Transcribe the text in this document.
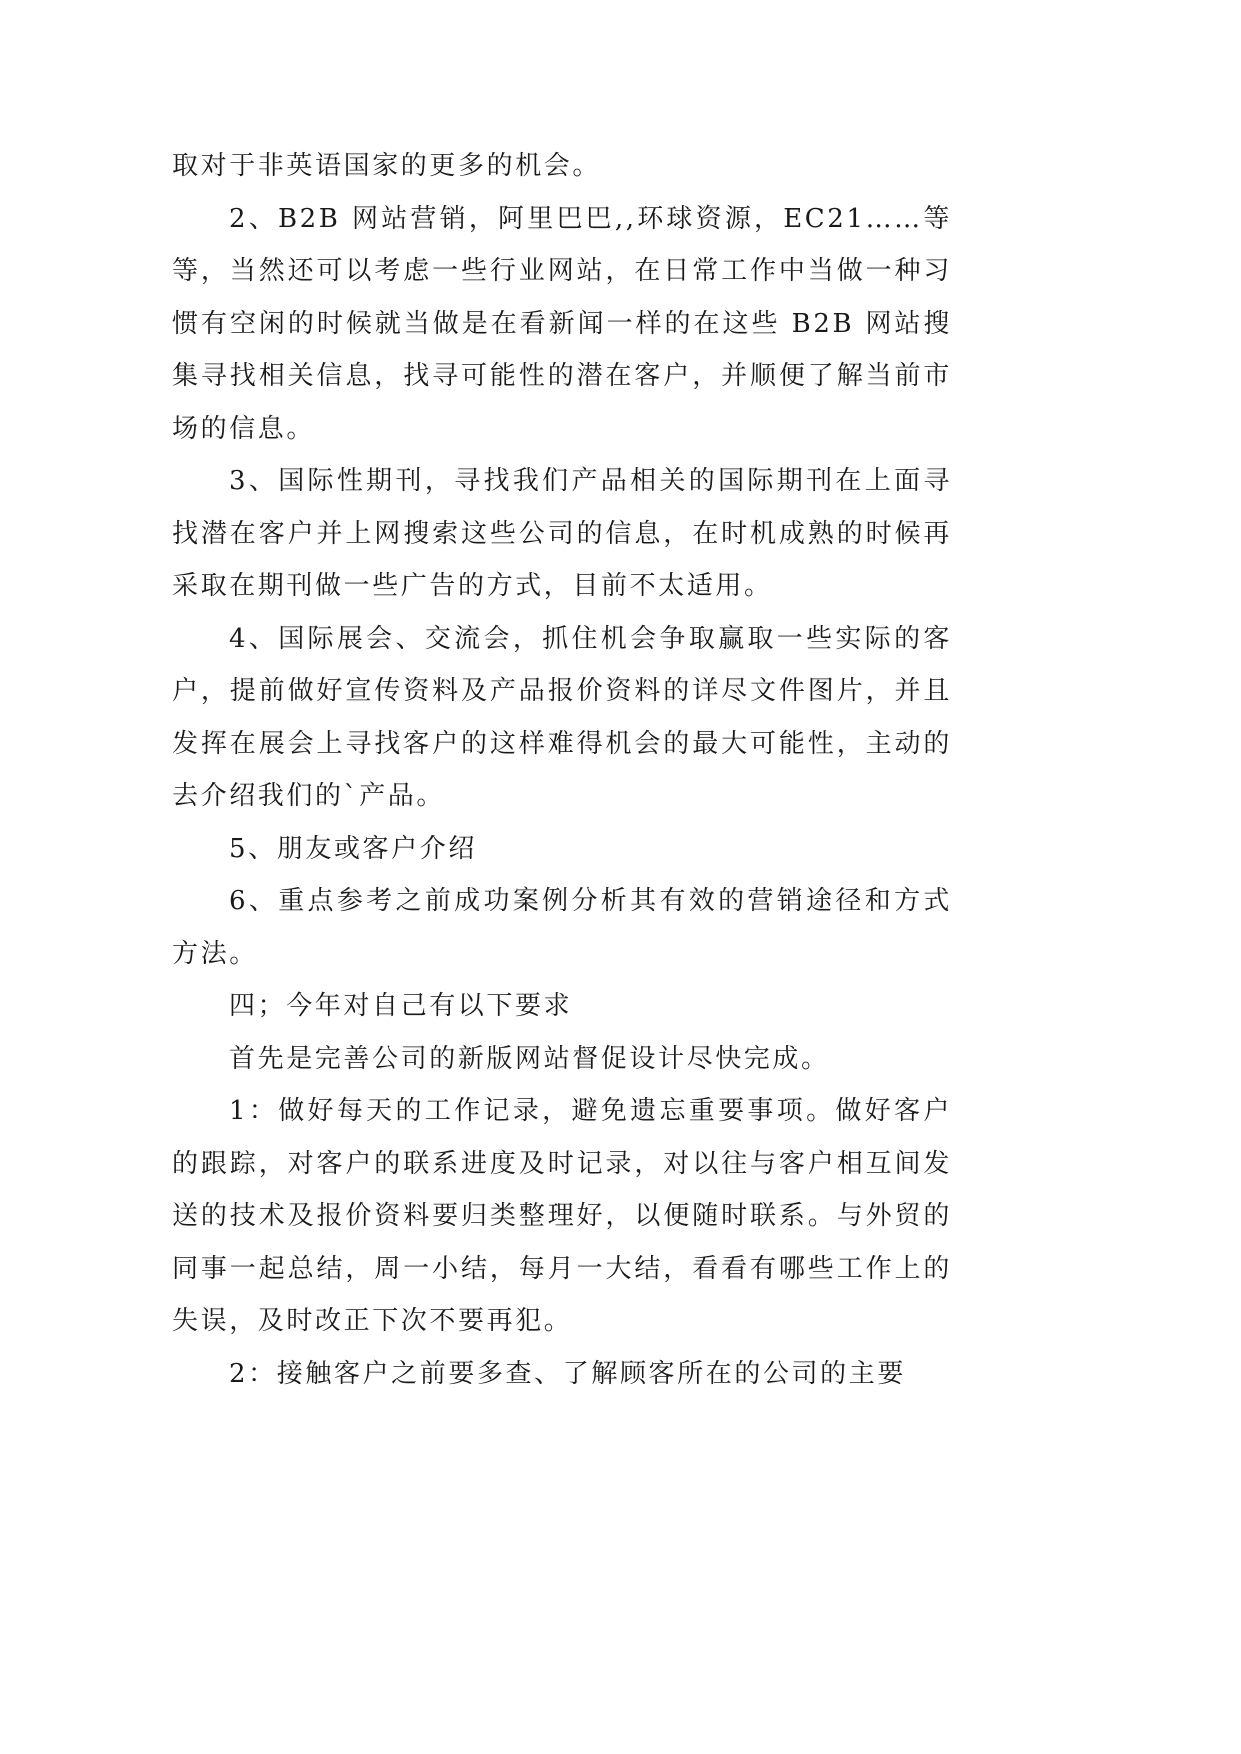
取对于非英语国家的更多的机会。

2、B2B 网站营销，阿里巴巴,,环球资源，EC21……等等，当然还可以考虑一些行业网站，在日常工作中当做一种习惯有空闲的时候就当做是在看新闻一样的在这些 B2B 网站搜集寻找相关信息，找寻可能性的潜在客户，并顺便了解当前市场的信息。

3、国际性期刊，寻找我们产品相关的国际期刊在上面寻找潜在客户并上网搜索这些公司的信息，在时机成熟的时候再采取在期刊做一些广告的方式，目前不太适用。

4、国际展会、交流会，抓住机会争取赢取一些实际的客户，提前做好宣传资料及产品报价资料的详尽文件图片，并且发挥在展会上寻找客户的这样难得机会的最大可能性，主动的去介绍我们的`产品。

5、朋友或客户介绍

6、重点参考之前成功案例分析其有效的营销途径和方式方法。

四；今年对自己有以下要求

首先是完善公司的新版网站督促设计尽快完成。

1：做好每天的工作记录，避免遗忘重要事项。做好客户的跟踪，对客户的联系进度及时记录，对以往与客户相互间发送的技术及报价资料要归类整理好，以便随时联系。与外贸的同事一起总结，周一小结，每月一大结，看看有哪些工作上的失误，及时改正下次不要再犯。

2：接触客户之前要多查、了解顾客所在的公司的主要
